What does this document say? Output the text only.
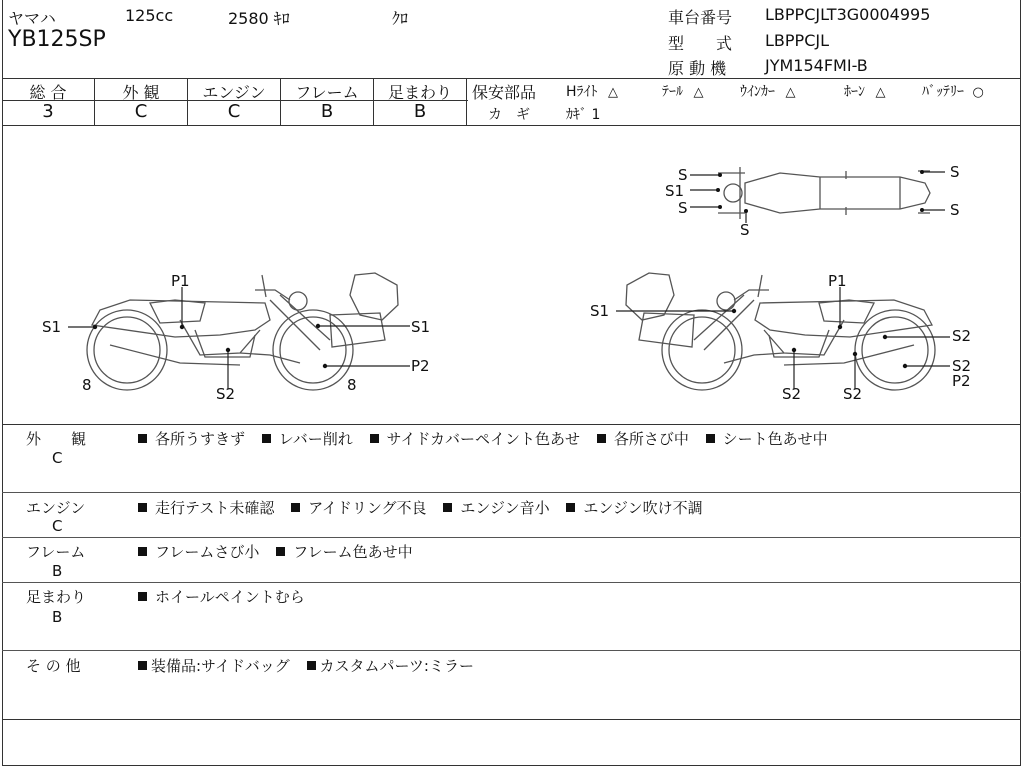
ヤマハ	125cc	2580 ｷﾛ	ｸﾛ
YB125SP
車台番号 LBPPCJLT3G0004995
型　　式 LBPPCJL
原 動 機 JYM154FMI-B
総 合	外 観	エンジン	フレーム	足まわり
3	C	C	B	B
保安部品 Hﾗｲﾄ △	ﾃｰﾙ △	ｳｲﾝｶｰ △	ﾎｰﾝ △	ﾊﾞｯﾃﾘｰ ○
カ　ギ	ｶｷﾞ 1
S1
P1
S1
P2
S2
8	8
S1
P1
S2
S2
P2
S2	S2
S
S1
S
S
S
S
外　　観
C
各所うすきず レバー削れ サイドカバーペイント色あせ 各所さび中 シート色あせ中
エンジン
C
走行テスト未確認 アイドリング不良 エンジン音小 エンジン吹け不調
フレーム
B
フレームさび小 フレーム色あせ中
足まわり
B
ホイールペイントむら
そ の 他	装備品:サイドバッグ カスタムパーツ:ミラー
